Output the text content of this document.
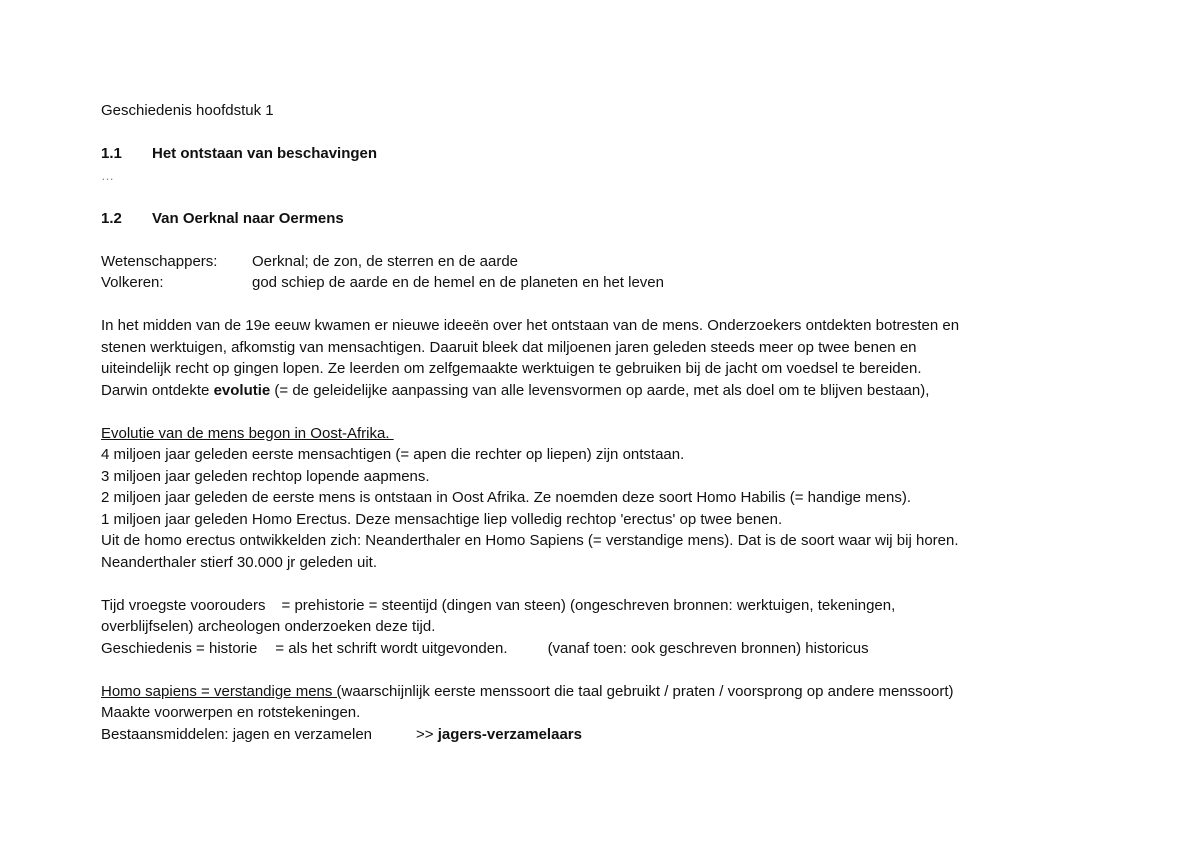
Geschiedenis hoofdstuk 1
1.1 Het ontstaan van beschavingen
…
1.2 Van Oerknal naar Oermens
Wetenschappers: Oerknal; de zon, de sterren en de aarde
Volkeren:	god schiep de aarde en de hemel en de planeten en het leven
In het midden van de 19e eeuw kwamen er nieuwe ideeën over het ontstaan van de mens. Onderzoekers ontdekten botresten en
stenen werktuigen, afkomstig van mensachtigen. Daaruit bleek dat miljoenen jaren geleden steeds meer op twee benen en
uiteindelijk recht op gingen lopen. Ze leerden om zelfgemaakte werktuigen te gebruiken bij de jacht om voedsel te bereiden.
Darwin ontdekte evolutie (= de geleidelijke aanpassing van alle levensvormen op aarde, met als doel om te blijven bestaan),
Evolutie van de mens begon in Oost-Afrika.
4 miljoen jaar geleden eerste mensachtigen (= apen die rechter op liepen) zijn ontstaan.
3 miljoen jaar geleden rechtop lopende aapmens.
2 miljoen jaar geleden de eerste mens is ontstaan in Oost Afrika. Ze noemden deze soort Homo Habilis (= handige mens).
1 miljoen jaar geleden Homo Erectus. Deze mensachtige liep volledig rechtop 'erectus' op twee benen.
Uit de homo erectus ontwikkelden zich: Neanderthaler en Homo Sapiens (= verstandige mens). Dat is de soort waar wij bij horen.
Neanderthaler stierf 30.000 jr geleden uit.
Tijd vroegste voorouders = prehistorie = steentijd (dingen van steen) (ongeschreven bronnen: werktuigen, tekeningen,
overblijfselen) archeologen onderzoeken deze tijd.
Geschiedenis = historie = als het schrift wordt uitgevonden.	(vanaf toen: ook geschreven bronnen) historicus
Homo sapiens = verstandige mens (waarschijnlijk eerste menssoort die taal gebruikt / praten / voorsprong op andere menssoort)
Maakte voorwerpen en rotstekeningen.
Bestaansmiddelen: jagen en verzamelen	>> jagers-verzamelaars
